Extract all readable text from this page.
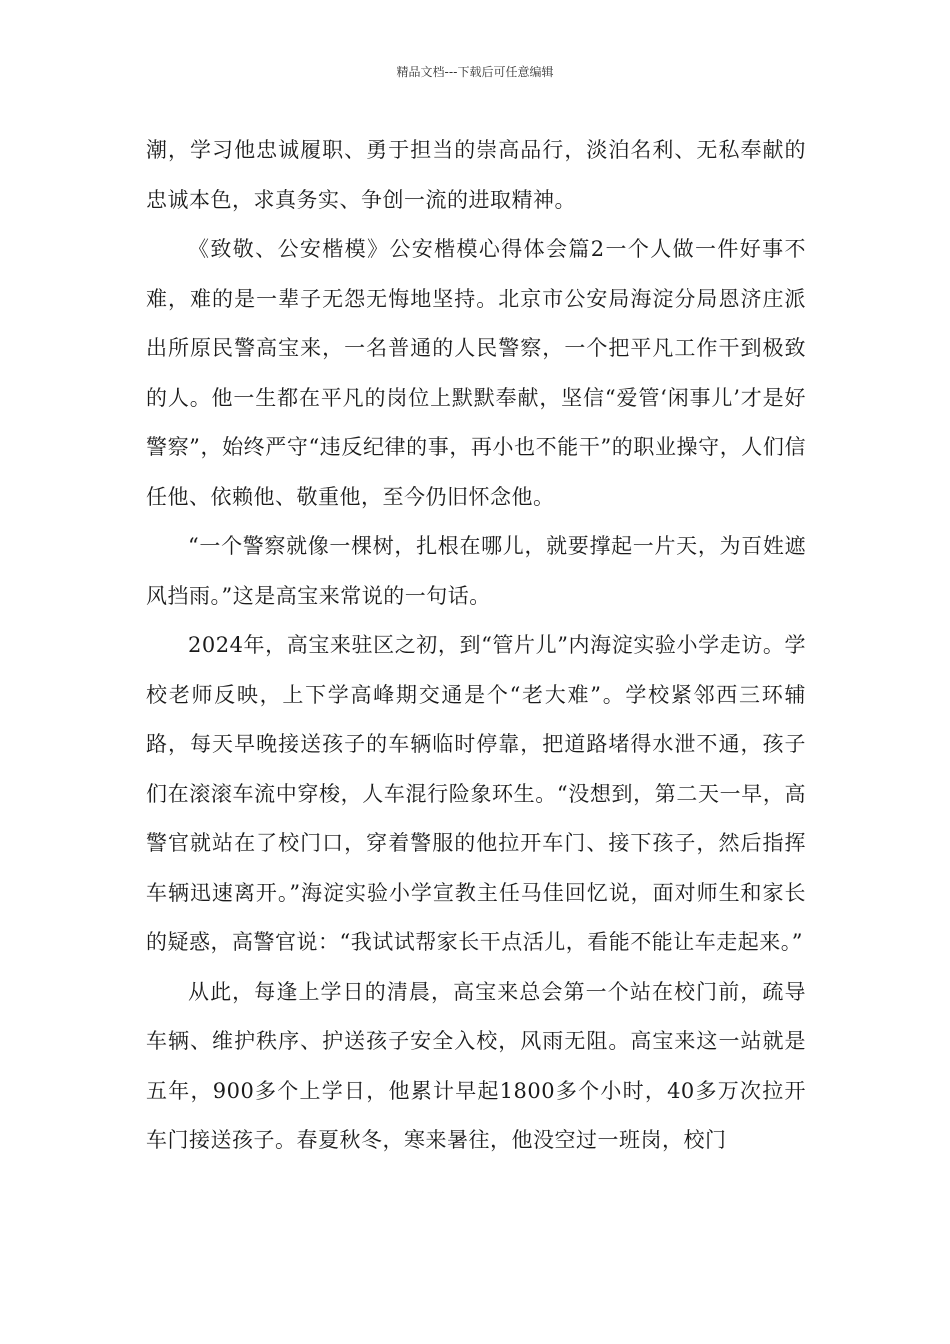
精品文档---下载后可任意编辑

潮，学习他忠诚履职、勇于担当的崇高品行，淡泊名利、无私奉献的忠诚本色，求真务实、争创一流的进取精神。

《致敬、公安楷模》公安楷模心得体会篇2一个人做一件好事不难，难的是一辈子无怨无悔地坚持。北京市公安局海淀分局恩济庄派出所原民警高宝来，一名普通的人民警察，一个把平凡工作干到极致的人。他一生都在平凡的岗位上默默奉献，坚信“爱管‘闲事儿’才是好警察”，始终严守“违反纪律的事，再小也不能干”的职业操守，人们信任他、依赖他、敬重他，至今仍旧怀念他。

“一个警察就像一棵树，扎根在哪儿，就要撑起一片天，为百姓遮风挡雨。”这是高宝来常说的一句话。

2024年，高宝来驻区之初，到“管片儿”内海淀实验小学走访。学校老师反映，上下学高峰期交通是个“老大难”。学校紧邻西三环辅路，每天早晚接送孩子的车辆临时停靠，把道路堵得水泄不通，孩子们在滚滚车流中穿梭，人车混行险象环生。“没想到，第二天一早，高警官就站在了校门口，穿着警服的他拉开车门、接下孩子，然后指挥车辆迅速离开。”海淀实验小学宣教主任马佳回忆说，面对师生和家长的疑惑，高警官说：“我试试帮家长干点活儿，看能不能让车走起来。”

从此，每逢上学日的清晨，高宝来总会第一个站在校门前，疏导车辆、维护秩序、护送孩子安全入校，风雨无阻。高宝来这一站就是五年，900多个上学日，他累计早起1800多个小时，40多万次拉开车门接送孩子。春夏秋冬，寒来暑往，他没空过一班岗，校门
